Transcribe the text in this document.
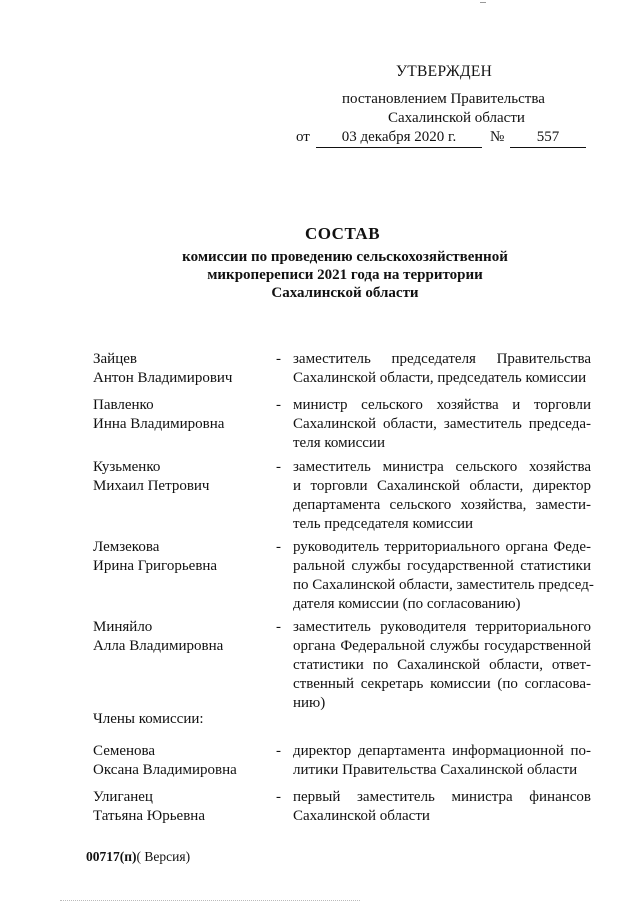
УТВЕРЖДЕН
постановлением Правительства
Сахалинской области
от	03 декабря 2020 г.	№	557
СОСТАВ
комиссии по проведению сельскохозяйственной
микропереписи 2021 года на территории
Сахалинской области
Зайцев
Антон Владимирович
- заместитель председателя Правительства
Сахалинской области, председатель комиссии
Павленко
Инна Владимировна
- министр сельского хозяйства и торговли
Сахалинской области, заместитель председа-
теля комиссии
Кузьменко
Михаил Петрович
- заместитель министра сельского хозяйства
и торговли Сахалинской области, директор
департамента сельского хозяйства, замести-
тель председателя комиссии
Лемзекова
Ирина Григорьевна
- руководитель территориального органа Феде-
ральной службы государственной статистики
по Сахалинской области, заместитель председ-
дателя комиссии (по согласованию)
Миняйло
Алла Владимировна
- заместитель руководителя территориального
органа Федеральной службы государственной
статистики по Сахалинской области, ответ-
ственный секретарь комиссии (по согласова-
нию)
Члены комиссии:
Семенова
Оксана Владимировна
- директор департамента информационной по-
литики Правительства Сахалинской области
Улиганец
Татьяна Юрьевна
- первый заместитель министра финансов
Сахалинской области
00717(п)( Версия)
